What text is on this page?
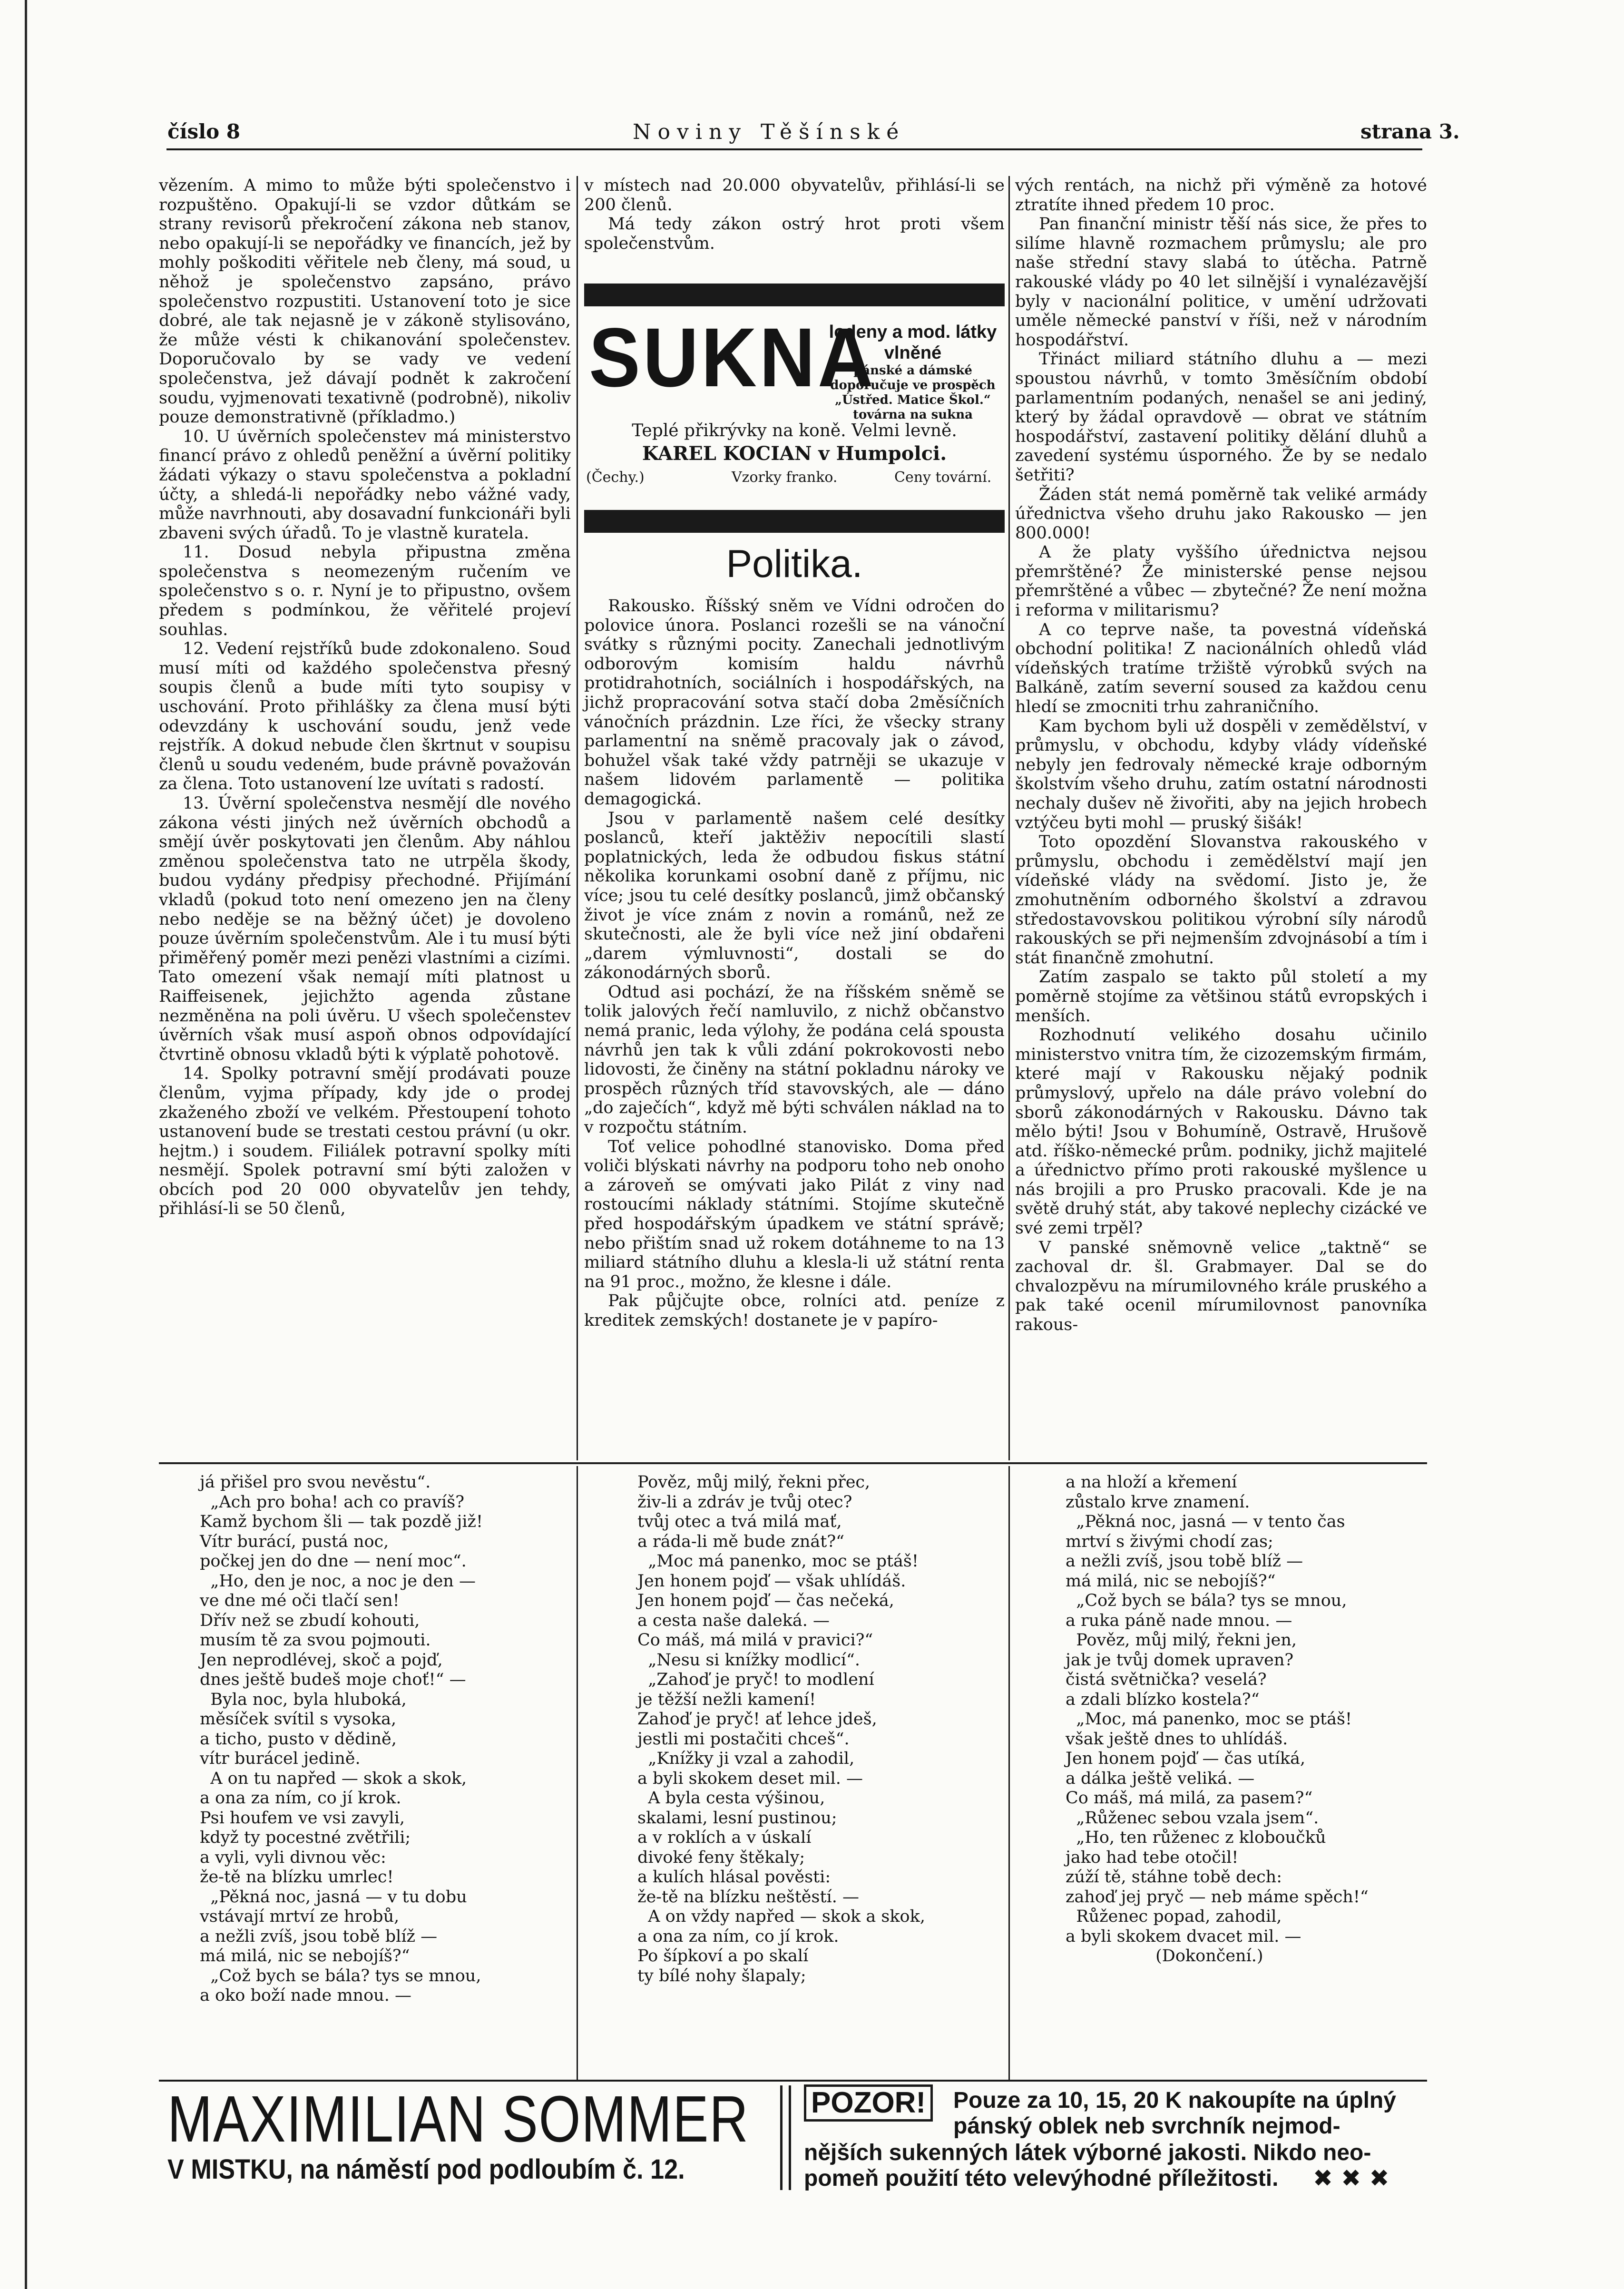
číslo 8	Noviny Těšínské	strana 3.

vězením. A mimo to může býti společenstvo i rozpuštěno. Opakují-li se vzdor důtkám se strany revisorů překročení zákona neb stanov, nebo opakují-li se nepořádky ve financích, jež by mohly poškoditi věřitele neb členy, má soud, u něhož je společenstvo zapsáno, právo společenstvo rozpustiti. Ustanovení toto je sice dobré, ale tak nejasně je v zákoně stylisováno, že může vésti k chikanování společenstev. Doporučovalo by se vady ve vedení společenstva, jež dávají podnět k zakročení soudu, vyjmenovati texativně (podrobně), nikoliv pouze demonstrativně (příkladmo.)

10. U úvěrních společenstev má ministerstvo financí právo z ohledů peněžní a úvěrní politiky žádati výkazy o stavu společenstva a pokladní účty, a shledá-li nepořádky nebo vážné vady, může navrhnouti, aby dosavadní funkcionáři byli zbaveni svých úřadů. To je vlastně kuratela.

11. Dosud nebyla připustna změna společenstva s neomezeným ručením ve společenstvo s o. r. Nyní je to připustno, ovšem předem s podmínkou, že věřitelé projeví souhlas.

12. Vedení rejstříků bude zdokonaleno. Soud musí míti od každého společenstva přesný soupis členů a bude míti tyto soupisy v uschování. Proto přihlášky za člena musí býti odevzdány k uschování soudu, jenž vede rejstřík. A dokud nebude člen škrtnut v soupisu členů u soudu vedeném, bude právně považován za člena. Toto ustanovení lze uvítati s radostí.

13. Úvěrní společenstva nesmějí dle nového zákona vésti jiných než úvěrních obchodů a smějí úvěr poskytovati jen členům. Aby náhlou změnou společenstva tato ne utrpěla škody, budou vydány předpisy přechodné. Přijímání vkladů (pokud toto není omezeno jen na členy nebo neděje se na běžný účet) je dovoleno pouze úvěrním společenstvům. Ale i tu musí býti přiměřený poměr mezi penězi vlastními a cizími. Tato omezení však nemají míti platnost u Raiffeisenek, jejichžto agenda zůstane nezměněna na poli úvěru. U všech společenstev úvěrních však musí aspoň obnos odpovídající čtvrtině obnosu vkladů býti k výplatě pohotově.

14. Spolky potravní smějí prodávati pouze členům, vyjma případy, kdy jde o prodej zkaženého zboží ve velkém. Přestoupení tohoto ustanovení bude se trestati cestou právní (u okr. hejtm.) i soudem. Filiálek potravní spolky míti nesmějí. Spolek potravní smí býti založen v obcích pod 20 000 obyvatelův jen tehdy, přihlásí-li se 50 členů,

v místech nad 20.000 obyvatelův, přihlásí-li se 200 členů.

Má tedy zákon ostrý hrot proti všem společenstvům.

SUKNA
lodeny a mod. látky vlněné
pánské a dámské
doporučuje ve prospěch
„Ústřed. Matice Škol.“
továrna na sukna
Teplé přikrývky na koně. Velmi levně.
KAREL KOCIAN v Humpolci.
(Čechy.)	Vzorky franko.	Ceny tovární.
Politika.

Rakousko. Říšský sněm ve Vídni odročen do polovice února. Poslanci rozešli se na vánoční svátky s různými pocity. Zanechali jednotlivým odborovým komisím haldu návrhů protidrahotních, sociálních i hospodářských, na jichž propracování sotva stačí doba 2měsíčních vánočních prázdnin. Lze říci, že všecky strany parlamentní na sněmě pracovaly jak o závod, bohužel však také vždy patrněji se ukazuje v našem lidovém parlamentě — politika demagogická.

Jsou v parlamentě našem celé desítky poslanců, kteří jaktěživ nepocítili slastí poplatnických, leda že odbudou fiskus státní několika korunkami osobní daně z příjmu, nic více; jsou tu celé desítky poslanců, jimž občanský život je více znám z novin a románů, než ze skutečnosti, ale že byli více než jiní obdařeni „darem výmluvnosti“, dostali se do zákonodárných sborů.

Odtud asi pochází, že na říšském sněmě se tolik jalových řečí namluvilo, z nichž občanstvo nemá pranic, leda výlohy, že podána celá spousta návrhů jen tak k vůli zdání pokrokovosti nebo lidovosti, že činěny na státní pokladnu nároky ve prospěch různých tříd stavovských, ale — dáno „do zaječích“, když mě býti schválen náklad na to v rozpočtu státním.

Toť velice pohodlné stanovisko. Doma před voliči blýskati návrhy na podporu toho neb onoho a zároveň se omývati jako Pilát z viny nad rostoucími náklady státními. Stojíme skutečně před hospodářským úpadkem ve státní správě; nebo přištím snad už rokem dotáhneme to na 13 miliard státního dluhu a klesla-li už státní renta na 91 proc., možno, že klesne i dále.

Pak půjčujte obce, rolníci atd. peníze z kreditek zemských! dostanete je v papíro-

vých rentách, na nichž při výměně za hotové ztratíte ihned předem 10 proc.

Pan finanční ministr těší nás sice, že přes to silíme hlavně rozmachem průmyslu; ale pro naše střední stavy slabá to útěcha. Patrně rakouské vlády po 40 let silnější i vynalézavější byly v nacionální politice, v umění udržovati uměle německé panství v říši, než v národním hospodářství.

Třináct miliard státního dluhu a — mezi spoustou návrhů, v tomto 3měsíčním období parlamentním podaných, nenašel se ani jediný, který by žádal opravdově — obrat ve státním hospodářství, zastavení politiky dělání dluhů a zavedení systému úsporného. Že by se nedalo šetřiti?

Žáden stát nemá poměrně tak veliké armády úřednictva všeho druhu jako Rakousko — jen 800.000!

A že platy vyššího úřednictva nejsou přemrštěné? Že ministerské pense nejsou přemrštěné a vůbec — zbytečné? Že není možna i reforma v militarismu?

A co teprve naše, ta povestná vídeňská obchodní politika! Z nacionálních ohledů vlád vídeňských tratíme tržiště výrobků svých na Balkáně, zatím severní soused za každou cenu hledí se zmocniti trhu zahraničního.

Kam bychom byli už dospěli v zemědělství, v průmyslu, v obchodu, kdyby vlády vídeňské nebyly jen fedrovaly německé kraje odborným školstvím všeho druhu, zatím ostatní národnosti nechaly dušev ně živořiti, aby na jejich hrobech vztýčeu byti mohl — pruský šišák!

Toto opozdění Slovanstva rakouského v průmyslu, obchodu i zemědělství mají jen vídeňské vlády na svědomí. Jisto je, že zmohutněním odborného školství a zdravou středostavovskou politikou výrobní síly národů rakouských se při nejmenším zdvojnásobí a tím i stát finančně zmohutní.

Zatím zaspalo se takto půl století a my poměrně stojíme za většinou států evropských i menších.

Rozhodnutí velikého dosahu učinilo ministerstvo vnitra tím, že cizozemským firmám, které mají v Rakousku nějaký podnik průmyslový, upřelo na dále právo volební do sborů zákonodárných v Rakousku. Dávno tak mělo býti! Jsou v Bohumíně, Ostravě, Hrušově atd. říško-německé prům. podniky, jichž majitelé a úřednictvo přímo proti rakouské myšlence u nás brojili a pro Prusko pracovali. Kde je na světě druhý stát, aby takové neplechy cizácké ve své zemi trpěl?

V panské sněmovně velice „taktně“ se zachoval dr. šl. Grabmayer. Dal se do chvalozpěvu na mírumilovného krále pruského a pak také ocenil mírumilovnost panovníka rakous-

já přišel pro svou nevěstu“.
„Ach pro boha! ach co pravíš?
Kamž bychom šli — tak pozdě již!
Vítr burácí, pustá noc,
počkej jen do dne — není moc“.
„Ho, den je noc, a noc je den —
ve dne mé oči tlačí sen!
Dřív než se zbudí kohouti,
musím tě za svou pojmouti.
Jen neprodlévej, skoč a pojď,
dnes ještě budeš moje choť!“ —
Byla noc, byla hluboká,
měsíček svítil s vysoka,
a ticho, pusto v dědině,
vítr burácel jedině.
A on tu napřed — skok a skok,
a ona za ním, co jí krok.
Psi houfem ve vsi zavyli,
když ty pocestné zvětřili;
a vyli, vyli divnou věc:
že-tě na blízku umrlec!
„Pěkná noc, jasná — v tu dobu
vstávají mrtví ze hrobů,
a nežli zvíš, jsou tobě blíž —
má milá, nic se nebojíš?“
„Což bych se bála? tys se mnou,
a oko boží nade mnou. —
Pověz, můj milý, řekni přec,
živ-li a zdráv je tvůj otec?
tvůj otec a tvá milá mať,
a ráda-li mě bude znát?“
„Moc má panenko, moc se ptáš!
Jen honem pojď — však uhlídáš.
Jen honem pojď — čas nečeká,
a cesta naše daleká. —
Co máš, má milá v pravici?“
„Nesu si knížky modlicí“.
„Zahoď je pryč! to modlení
je těžší nežli kamení!
Zahoď je pryč! ať lehce jdeš,
jestli mi postačiti chceš“.
„Knížky ji vzal a zahodil,
a byli skokem deset mil. —
A byla cesta výšinou,
skalami, lesní pustinou;
a v roklích a v úskalí
divoké feny štěkaly;
a kulích hlásal pověsti:
že-tě na blízku neštěstí. —
A on vždy napřed — skok a skok,
a ona za ním, co jí krok.
Po šípkoví a po skalí
ty bílé nohy šlapaly;
a na hloží a křemení
zůstalo krve znamení.
„Pěkná noc, jasná — v tento čas
mrtví s živými chodí zas;
a nežli zvíš, jsou tobě blíž —
má milá, nic se nebojíš?“
„Což bych se bála? tys se mnou,
a ruka páně nade mnou. —
Pověz, můj milý, řekni jen,
jak je tvůj domek upraven?
čistá světnička? veselá?
a zdali blízko kostela?“
„Moc, má panenko, moc se ptáš!
však ještě dnes to uhlídáš.
Jen honem pojď — čas utíká,
a dálka ještě veliká. —
Co máš, má milá, za pasem?“
„Růženec sebou vzala jsem“.
„Ho, ten růženec z kloboučků
jako had tebe otočil!
zúží tě, stáhne tobě dech:
zahoď jej pryč — neb máme spěch!“
Růženec popad, zahodil,
a byli skokem dvacet mil. —
(Dokončení.)
MAXIMILIAN SOMMER
V MISTKU, na náměstí pod podloubím č. 12.
POZOR!	Pouze za 10, 15, 20 K nakoupíte na úplný
pánský oblek neb svrchník nejmod-
nějších sukenných látek výborné jakosti. Nikdo neo-
pomeň použití této velevýhodné příležitosti. ✖ ✖ ✖
